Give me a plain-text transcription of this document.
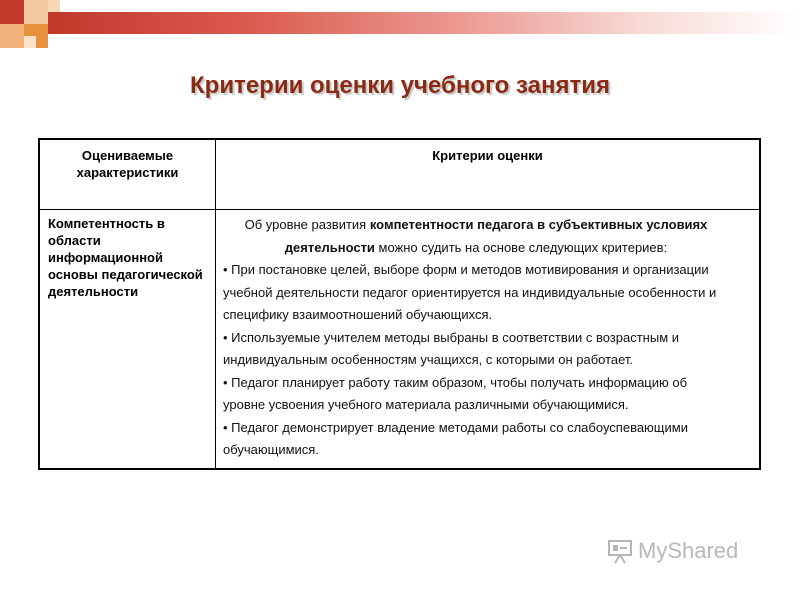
Критерии оценки учебного занятия
Оцениваемые характеристики	Критерии оценки
Компетентность в области информационной основы педагогической деятельности	Об уровне развития компетентности педагога в субъективных условиях деятельности можно судить на основе следующих критериев:

• При постановке целей, выборе форм и методов мотивирования и организации учебной деятельности педагог ориентируется на индивидуальные особенности и специфику взаимоотношений обучающихся.

• Используемые учителем методы выбраны в соответствии с возрастным и индивидуальным особенностям учащихся, с которыми он работает.

• Педагог планирует работу таким образом, чтобы получать информацию об уровне усвоения учебного материала различными обучающимися.

• Педагог демонстрирует владение методами работы со слабоуспевающими обучающимися.

MyShared
